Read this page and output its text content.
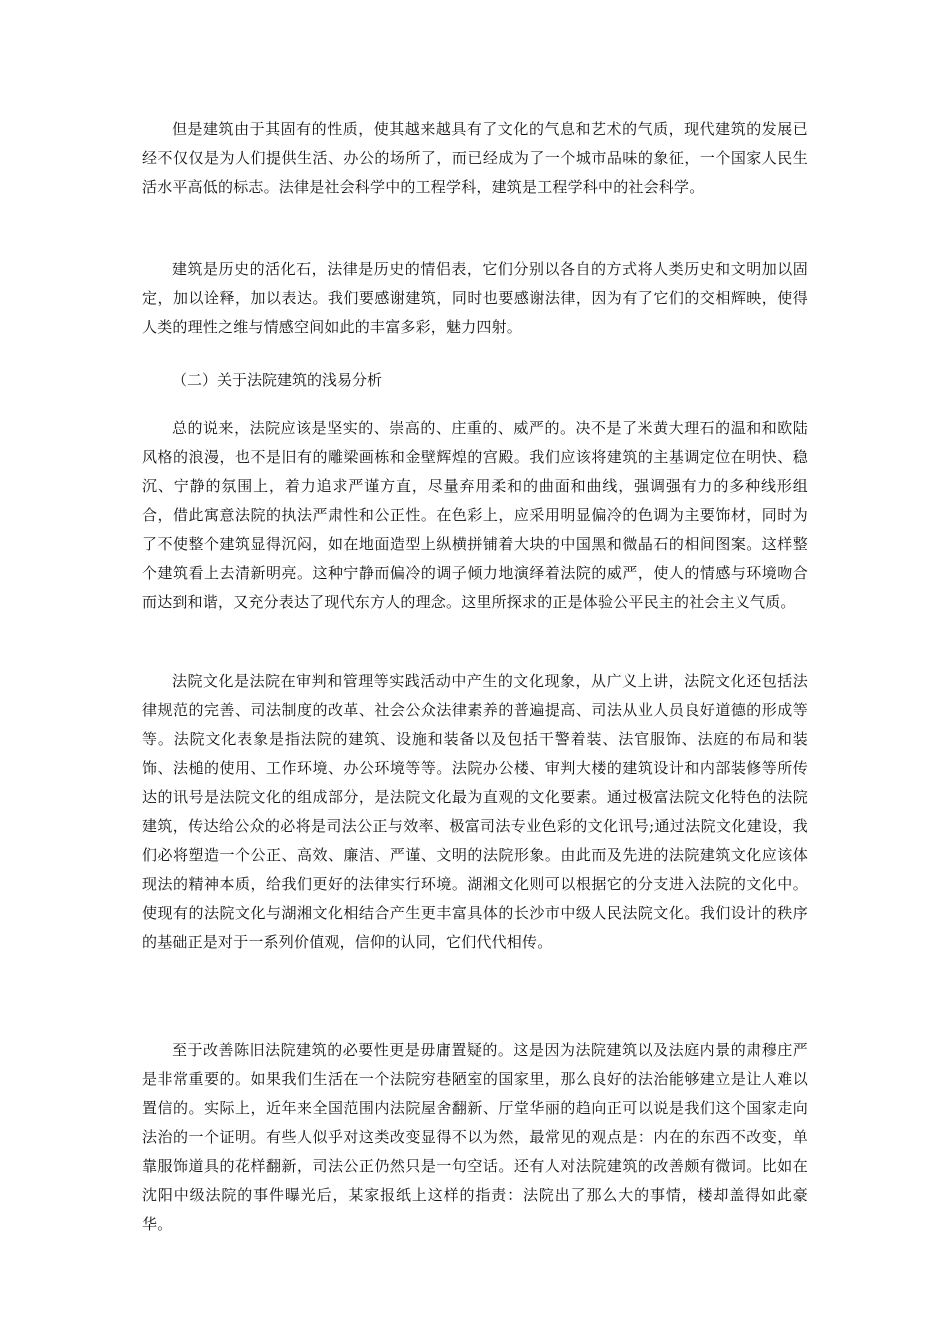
但是建筑由于其固有的性质，使其越来越具有了文化的气息和艺术的气质，现代建筑的发展已经不仅仅是为人们提供生活、办公的场所了，而已经成为了一个城市品味的象征，一个国家人民生活水平高低的标志。法律是社会科学中的工程学科，建筑是工程学科中的社会科学。

建筑是历史的活化石，法律是历史的情侣表，它们分别以各自的方式将人类历史和文明加以固定，加以诠释，加以表达。我们要感谢建筑，同时也要感谢法律，因为有了它们的交相辉映，使得人类的理性之维与情感空间如此的丰富多彩，魅力四射。

（二）关于法院建筑的浅易分析

总的说来，法院应该是坚实的、崇高的、庄重的、威严的。决不是了米黄大理石的温和和欧陆风格的浪漫，也不是旧有的雕梁画栋和金壁辉煌的宫殿。我们应该将建筑的主基调定位在明快、稳沉、宁静的氛围上，着力追求严谨方直，尽量弃用柔和的曲面和曲线，强调强有力的多种线形组合，借此寓意法院的执法严肃性和公正性。在色彩上，应采用明显偏冷的色调为主要饰材，同时为了不使整个建筑显得沉闷，如在地面造型上纵横拼铺着大块的中国黑和微晶石的相间图案。这样整个建筑看上去清新明亮。这种宁静而偏冷的调子倾力地演绎着法院的威严，使人的情感与环境吻合而达到和谐，又充分表达了现代东方人的理念。这里所探求的正是体验公平民主的社会主义气质。

法院文化是法院在审判和管理等实践活动中产生的文化现象，从广义上讲，法院文化还包括法律规范的完善、司法制度的改革、社会公众法律素养的普遍提高、司法从业人员良好道德的形成等等。法院文化表象是指法院的建筑、设施和装备以及包括干警着装、法官服饰、法庭的布局和装饰、法槌的使用、工作环境、办公环境等等。法院办公楼、审判大楼的建筑设计和内部装修等所传达的讯号是法院文化的组成部分，是法院文化最为直观的文化要素。通过极富法院文化特色的法院建筑，传达给公众的必将是司法公正与效率、极富司法专业色彩的文化讯号;通过法院文化建设，我们必将塑造一个公正、高效、廉洁、严谨、文明的法院形象。由此而及先进的法院建筑文化应该体现法的精神本质，给我们更好的法律实行环境。湖湘文化则可以根据它的分支进入法院的文化中。使现有的法院文化与湖湘文化相结合产生更丰富具体的长沙市中级人民法院文化。我们设计的秩序的基础正是对于一系列价值观，信仰的认同，它们代代相传。

至于改善陈旧法院建筑的必要性更是毋庸置疑的。这是因为法院建筑以及法庭内景的肃穆庄严是非常重要的。如果我们生活在一个法院穷巷陋室的国家里，那么良好的法治能够建立是让人难以置信的。实际上，近年来全国范围内法院屋舍翻新、厅堂华丽的趋向正可以说是我们这个国家走向法治的一个证明。有些人似乎对这类改变显得不以为然，最常见的观点是：内在的东西不改变，单靠服饰道具的花样翻新，司法公正仍然只是一句空话。还有人对法院建筑的改善颇有微词。比如在沈阳中级法院的事件曝光后，某家报纸上这样的指责：法院出了那么大的事情，楼却盖得如此豪华。
